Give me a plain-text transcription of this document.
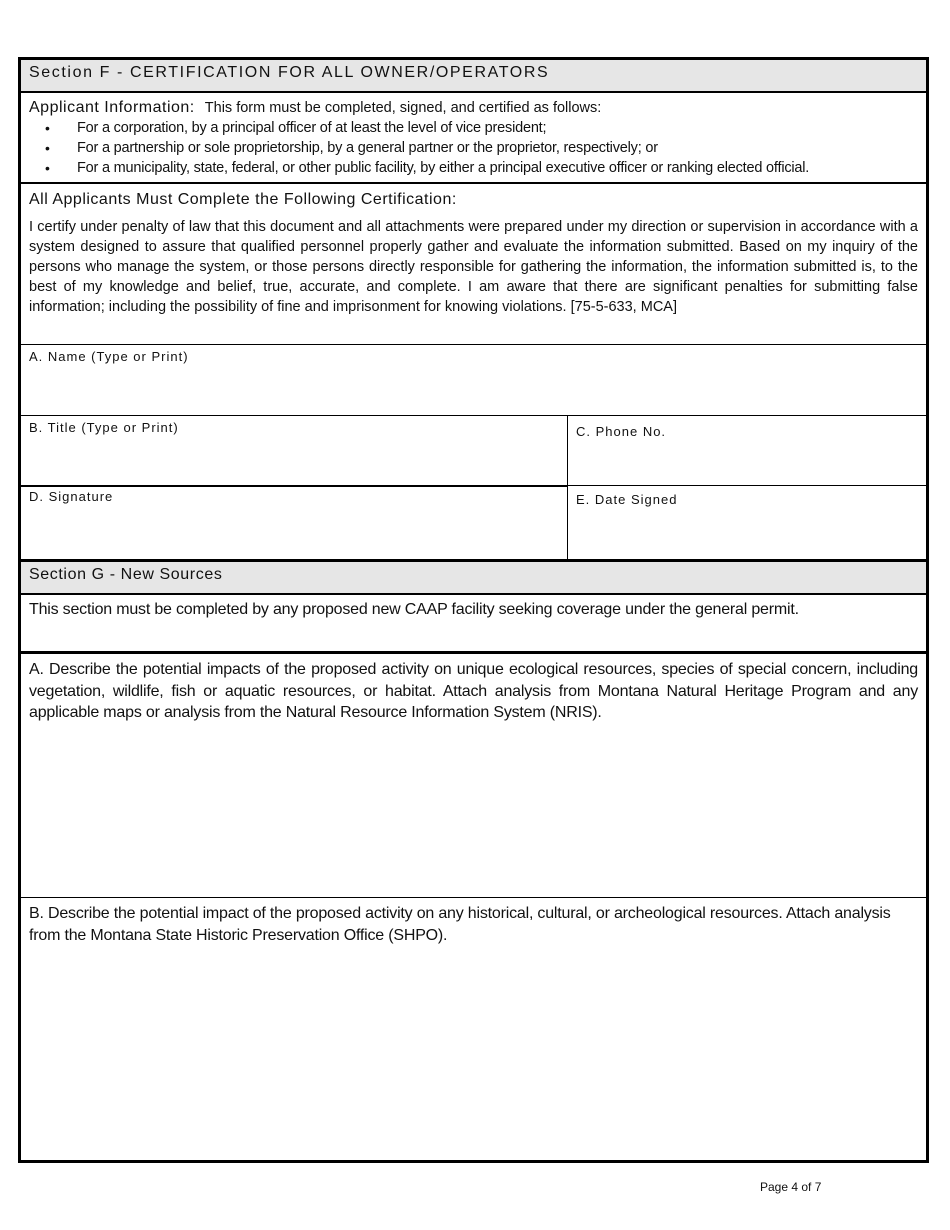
Section F - CERTIFICATION FOR ALL OWNER/OPERATORS
Applicant Information: This form must be completed, signed, and certified as follows:
• For a corporation, by a principal officer of at least the level of vice president;
• For a partnership or sole proprietorship, by a general partner or the proprietor, respectively; or
• For a municipality, state, federal, or other public facility, by either a principal executive officer or ranking elected official.
All Applicants Must Complete the Following Certification:
I certify under penalty of law that this document and all attachments were prepared under my direction or supervision in accordance with a system designed to assure that qualified personnel properly gather and evaluate the information submitted. Based on my inquiry of the persons who manage the system, or those persons directly responsible for gathering the information, the information submitted is, to the best of my knowledge and belief, true, accurate, and complete. I am aware that there are significant penalties for submitting false information; including the possibility of fine and imprisonment for knowing violations. [75-5-633, MCA]
A. Name (Type or Print)
B. Title (Type or Print)	C. Phone No.
D. Signature	E. Date Signed
Section G - New Sources
This section must be completed by any proposed new CAAP facility seeking coverage under the general permit.
A. Describe the potential impacts of the proposed activity on unique ecological resources, species of special concern, including vegetation, wildlife, fish or aquatic resources, or habitat. Attach analysis from Montana Natural Heritage Program and any applicable maps or analysis from the Natural Resource Information System (NRIS).
B. Describe the potential impact of the proposed activity on any historical, cultural, or archeological resources. Attach analysis from the Montana State Historic Preservation Office (SHPO).
Page 4 of 7
